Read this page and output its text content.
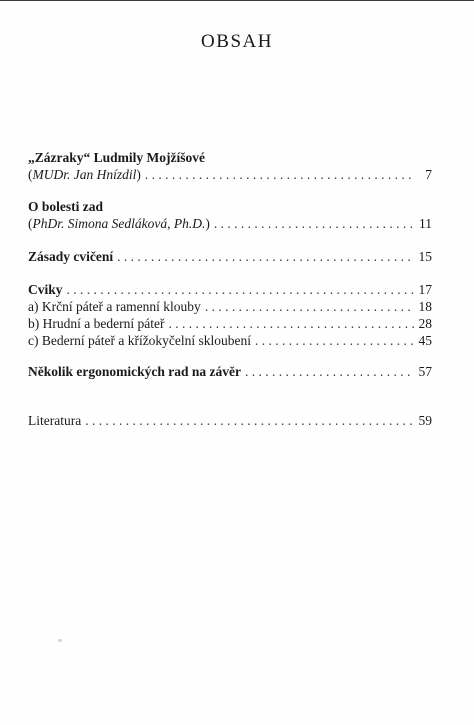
OBSAH
„Zázraky“ Ludmily Mojžíšové
(MUDr. Jan Hnízdil) . . .	7
O bolesti zad
(PhDr. Simona Sedláková, Ph.D.) . . .	11
Zásady cvičení . . .	15
Cviky . . .	17
a) Krční páteř a ramenní klouby . . .	18
b) Hrudní a bederní páteř . . .	28
c) Bederní páteř a křížokyčelní skloubení . . .	45
Několik ergonomických rad na závěr . . .	57
Literatura . . .	59
